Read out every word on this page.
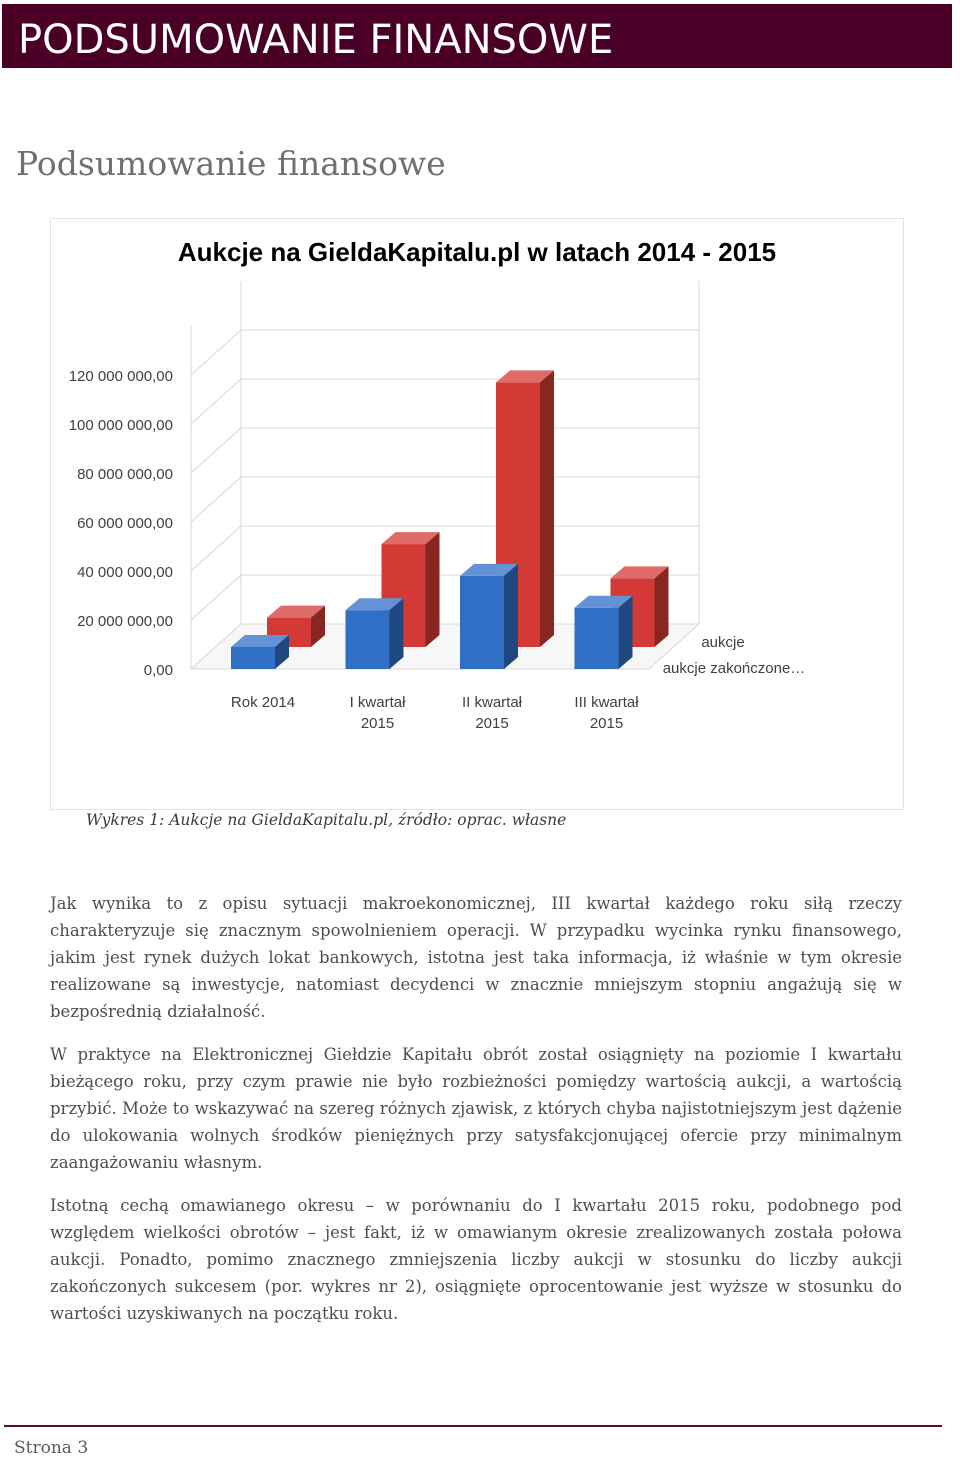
PODSUMOWANIE FINANSOWE
Podsumowanie finansowe
Aukcje na GieldaKapitalu.pl w latach 2014 - 2015
0,00
20 000 000,00
40 000 000,00
60 000 000,00
80 000 000,00
100 000 000,00
120 000 000,00
Rok 2014	I kwartał
2015
II kwartał
2015
III kwartał
2015
aukcje
aukcje zakończone…
Wykres 1: Aukcje na GieldaKapitalu.pl, źródło: oprac. własne

Jak wynika to z opisu sytuacji makroekonomicznej, III kwartał każdego roku siłą rzeczy charakteryzuje się znacznym spowolnieniem operacji. W przypadku wycinka rynku finansowego, jakim jest rynek dużych lokat bankowych, istotna jest taka informacja, iż właśnie w tym okresie realizowane są inwestycje, natomiast decydenci w znacznie mniejszym stopniu angażują się w bezpośrednią działalność.

W praktyce na Elektronicznej Giełdzie Kapitału obrót został osiągnięty na poziomie I kwartału bieżącego roku, przy czym prawie nie było rozbieżności pomiędzy wartością aukcji, a wartością przybić. Może to wskazywać na szereg różnych zjawisk, z których chyba najistotniejszym jest dążenie do ulokowania wolnych środków pieniężnych przy satysfakcjonującej ofercie przy minimalnym zaangażowaniu własnym.

Istotną cechą omawianego okresu – w porównaniu do I kwartału 2015 roku, podobnego pod względem wielkości obrotów – jest fakt, iż w omawianym okresie zrealizowanych została połowa aukcji. Ponadto, pomimo znacznego zmniejszenia liczby aukcji w stosunku do liczby aukcji zakończonych sukcesem (por. wykres nr 2), osiągnięte oprocentowanie jest wyższe w stosunku do wartości uzyskiwanych na początku roku.

Strona 3
